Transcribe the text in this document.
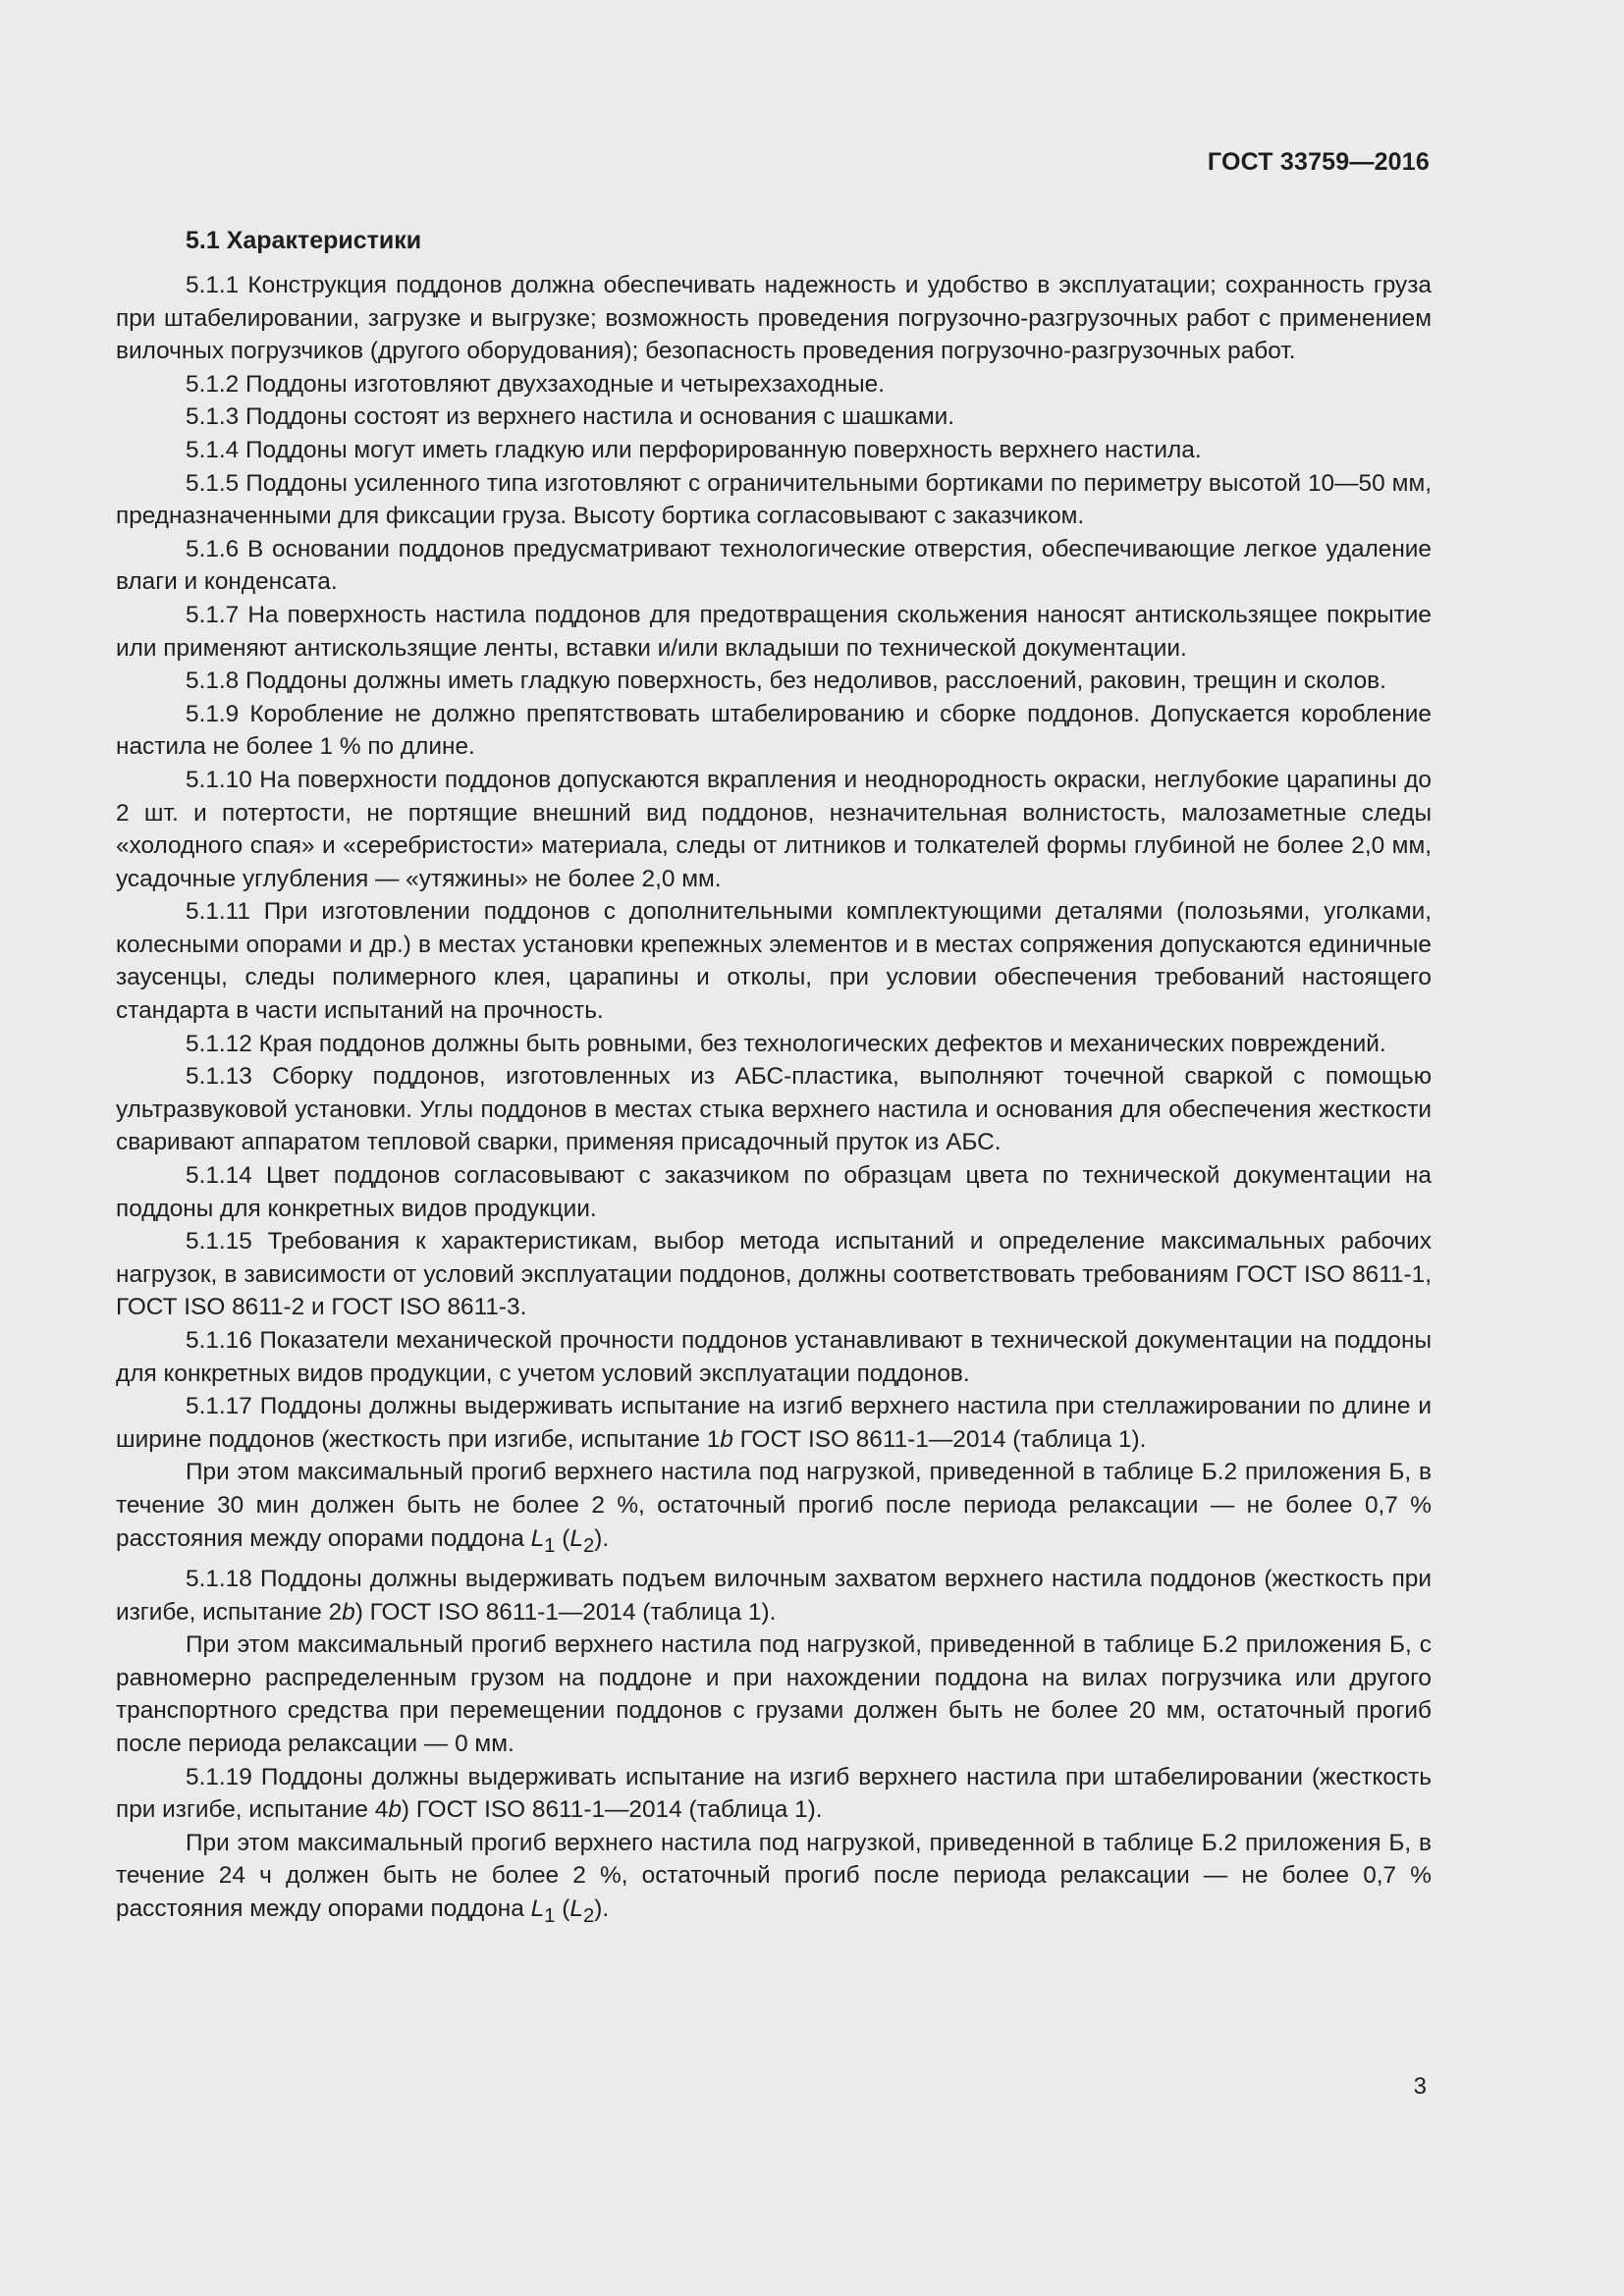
ГОСТ 33759—2016
5.1 Характеристики

5.1.1 Конструкция поддонов должна обеспечивать надежность и удобство в эксплуатации; сохранность груза при штабелировании, загрузке и выгрузке; возможность проведения погрузочно-разгрузочных работ с применением вилочных погрузчиков (другого оборудования); безопасность проведения погрузочно-разгрузочных работ.

5.1.2 Поддоны изготовляют двухзаходные и четырехзаходные.

5.1.3 Поддоны состоят из верхнего настила и основания с шашками.

5.1.4 Поддоны могут иметь гладкую или перфорированную поверхность верхнего настила.

5.1.5 Поддоны усиленного типа изготовляют с ограничительными бортиками по периметру высотой 10—50 мм, предназначенными для фиксации груза. Высоту бортика согласовывают с заказчиком.

5.1.6 В основании поддонов предусматривают технологические отверстия, обеспечивающие легкое удаление влаги и конденсата.

5.1.7 На поверхность настила поддонов для предотвращения скольжения наносят антискользящее покрытие или применяют антискользящие ленты, вставки и/или вкладыши по технической документации.

5.1.8 Поддоны должны иметь гладкую поверхность, без недоливов, расслоений, раковин, трещин и сколов.

5.1.9 Коробление не должно препятствовать штабелированию и сборке поддонов. Допускается коробление настила не более 1 % по длине.

5.1.10 На поверхности поддонов допускаются вкрапления и неоднородность окраски, неглубокие царапины до 2 шт. и потертости, не портящие внешний вид поддонов, незначительная волнистость, малозаметные следы «холодного спая» и «серебристости» материала, следы от литников и толкателей формы глубиной не более 2,0 мм, усадочные углубления — «утяжины» не более 2,0 мм.

5.1.11 При изготовлении поддонов с дополнительными комплектующими деталями (полозьями, уголками, колесными опорами и др.) в местах установки крепежных элементов и в местах сопряжения допускаются единичные заусенцы, следы полимерного клея, царапины и отколы, при условии обеспечения требований настоящего стандарта в части испытаний на прочность.

5.1.12 Края поддонов должны быть ровными, без технологических дефектов и механических повреждений.

5.1.13 Сборку поддонов, изготовленных из АБС-пластика, выполняют точечной сваркой с помощью ультразвуковой установки. Углы поддонов в местах стыка верхнего настила и основания для обеспечения жесткости сваривают аппаратом тепловой сварки, применяя присадочный пруток из АБС.

5.1.14 Цвет поддонов согласовывают с заказчиком по образцам цвета по технической документации на поддоны для конкретных видов продукции.

5.1.15 Требования к характеристикам, выбор метода испытаний и определение максимальных рабочих нагрузок, в зависимости от условий эксплуатации поддонов, должны соответствовать требованиям ГОСТ ISO 8611-1, ГОСТ ISO 8611-2 и ГОСТ ISO 8611-3.

5.1.16 Показатели механической прочности поддонов устанавливают в технической документации на поддоны для конкретных видов продукции, с учетом условий эксплуатации поддонов.

5.1.17 Поддоны должны выдерживать испытание на изгиб верхнего настила при стеллажировании по длине и ширине поддонов (жесткость при изгибе, испытание 1b ГОСТ ISO 8611-1—2014 (таблица 1).

При этом максимальный прогиб верхнего настила под нагрузкой, приведенной в таблице Б.2 приложения Б, в течение 30 мин должен быть не более 2 %, остаточный прогиб после периода релаксации — не более 0,7 % расстояния между опорами поддона $L_1$ $(L_2)$.

5.1.18 Поддоны должны выдерживать подъем вилочным захватом верхнего настила поддонов (жесткость при изгибе, испытание 2b) ГОСТ ISO 8611-1—2014 (таблица 1).

При этом максимальный прогиб верхнего настила под нагрузкой, приведенной в таблице Б.2 приложения Б, с равномерно распределенным грузом на поддоне и при нахождении поддона на вилах погрузчика или другого транспортного средства при перемещении поддонов с грузами должен быть не более 20 мм, остаточный прогиб после периода релаксации — 0 мм.

5.1.19 Поддоны должны выдерживать испытание на изгиб верхнего настила при штабелировании (жесткость при изгибе, испытание 4b) ГОСТ ISO 8611-1—2014 (таблица 1).

При этом максимальный прогиб верхнего настила под нагрузкой, приведенной в таблице Б.2 приложения Б, в течение 24 ч должен быть не более 2 %, остаточный прогиб после периода релаксации — не более 0,7 % расстояния между опорами поддона $L_1$ $(L_2)$.

3
